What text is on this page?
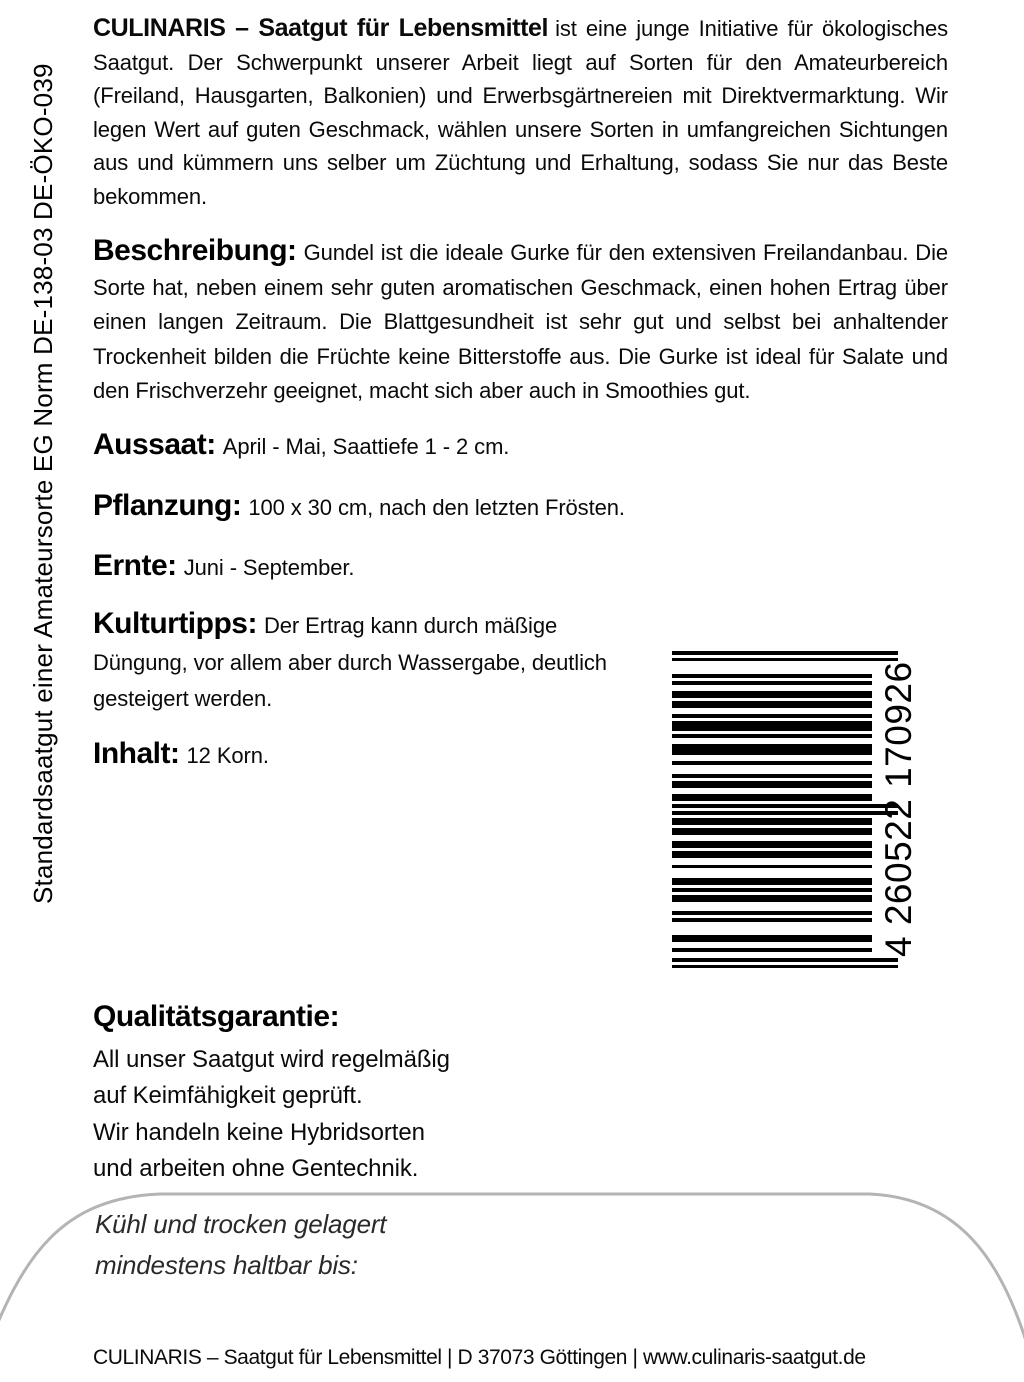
Standardsaatgut einer Amateursorte EG Norm DE-138-03 DE-ÖKO-039

CULINARIS – Saatgut für Lebensmittel ist eine junge Initiative für ökologisches Saatgut. Der Schwerpunkt unserer Arbeit liegt auf Sorten für den Amateurbereich (Freiland, Hausgarten, Balkonien) und Erwerbsgärtnereien mit Direktvermarktung. Wir legen Wert auf guten Geschmack, wählen unsere Sorten in umfangreichen Sichtungen aus und kümmern uns selber um Züchtung und Erhaltung, sodass Sie nur das Beste bekommen.

Beschreibung: Gundel ist die ideale Gurke für den extensiven Freilandanbau. Die Sorte hat, neben einem sehr guten aromatischen Geschmack, einen hohen Ertrag über einen langen Zeitraum. Die Blattgesundheit ist sehr gut und selbst bei anhaltender Trockenheit bilden die Früchte keine Bitterstoffe aus. Die Gurke ist ideal für Salate und den Frischverzehr geeignet, macht sich aber auch in Smoothies gut.

Aussaat: April - Mai, Saattiefe 1 - 2 cm.

Pflanzung: 100 x 30 cm, nach den letzten Frösten.

Ernte: Juni - September.

Kulturtipps: Der Ertrag kann durch mäßige Düngung, vor allem aber durch Wassergabe, deutlich gesteigert werden.

Inhalt: 12 Korn.	4 260522 170926
Qualitätsgarantie:
All unser Saatgut wird regelmäßig
auf Keimfähigkeit geprüft.
Wir handeln keine Hybridsorten
und arbeiten ohne Gentechnik.
Kühl und trocken gelagert
mindestens haltbar bis:
CULINARIS – Saatgut für Lebensmittel | D 37073 Göttingen | www.culinaris-saatgut.de
